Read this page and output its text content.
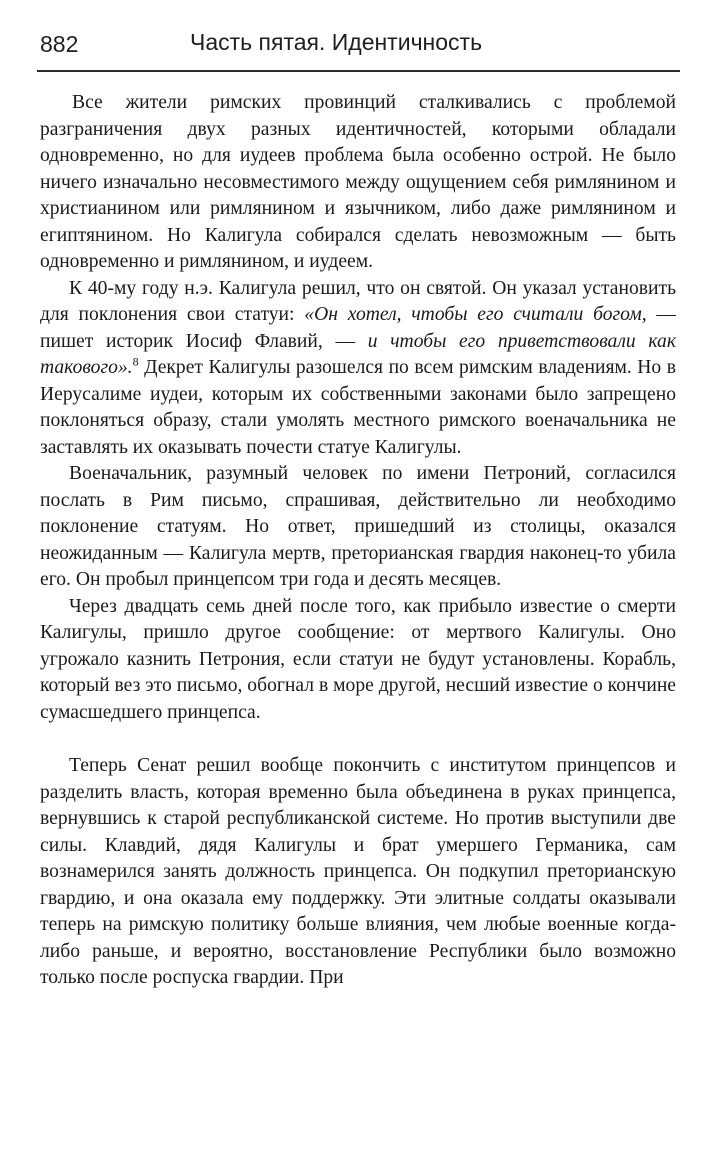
882	Часть пятая. Идентичность

Все жители римских провинций сталкивались с проблемой разграничения двух разных идентичностей, которыми обладали одновременно, но для иудеев проблема была особенно острой. Не было ничего изначально несовместимого между ощущением себя римлянином и христианином или римлянином и язычником, либо даже римлянином и египтянином. Но Калигула собирался сделать невозможным — быть одновременно и римлянином, и иудеем.

К 40-му году н.э. Калигула решил, что он святой. Он указал установить для поклонения свои статуи: «Он хотел, чтобы его считали богом, — пишет историк Иосиф Флавий, — и чтобы его приветствовали как такового».$^8$ Декрет Калигулы разошелся по всем римским владениям. Но в Иерусалиме иудеи, которым их собственными законами было запрещено поклоняться образу, стали умолять местного римского военачальника не заставлять их оказывать почести статуе Калигулы.

Военачальник, разумный человек по имени Петроний, согласился послать в Рим письмо, спрашивая, действительно ли необходимо поклонение статуям. Но ответ, пришедший из столицы, оказался неожиданным — Калигула мертв, преторианская гвардия наконец-то убила его. Он пробыл принцепсом три года и десять месяцев.

Через двадцать семь дней после того, как прибыло известие о смерти Калигулы, пришло другое сообщение: от мертвого Калигулы. Оно угрожало казнить Петрония, если статуи не будут установлены. Корабль, который вез это письмо, обогнал в море другой, несший известие о кончине сумасшедшего принцепса.

Теперь Сенат решил вообще покончить с институтом принцепсов и разделить власть, которая временно была объединена в руках принцепса, вернувшись к старой республиканской системе. Но против выступили две силы. Клавдий, дядя Калигулы и брат умершего Германика, сам вознамерился занять должность принцепса. Он подкупил преторианскую гвардию, и она оказала ему поддержку. Эти элитные солдаты оказывали теперь на римскую политику больше влияния, чем любые военные когда-либо раньше, и вероятно, восстановление Республики было возможно только после роспуска гвардии. При
